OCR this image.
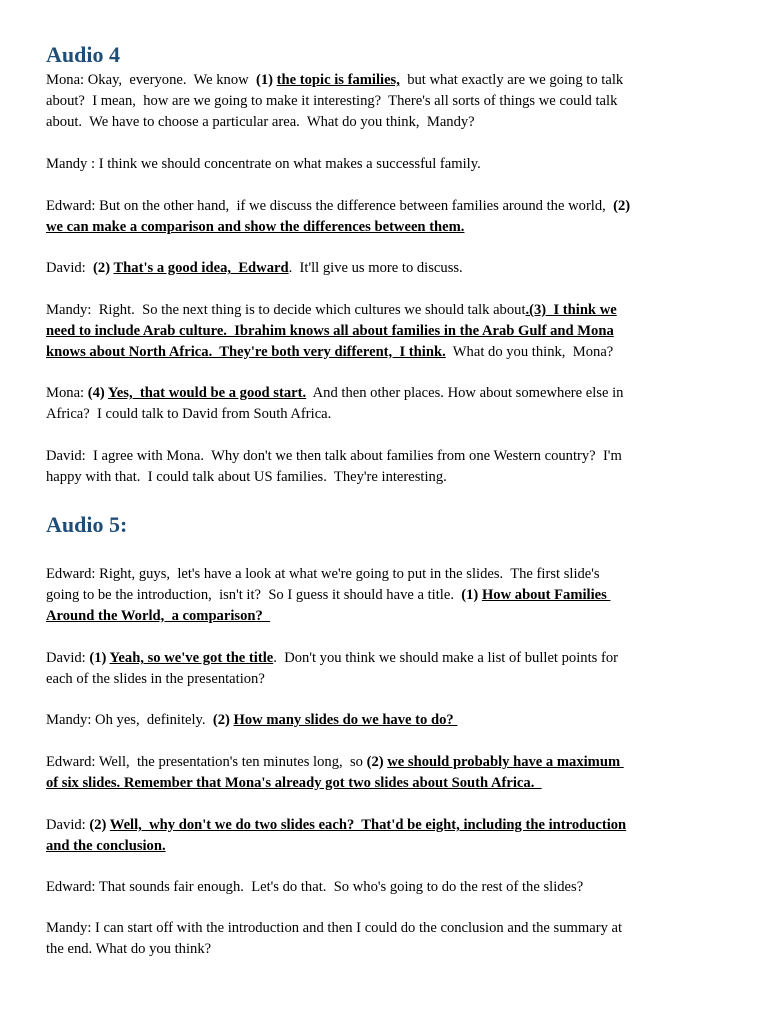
Audio 4
Mona: Okay,  everyone.  We know  (1) the topic is families,  but what exactly are we going to talk
about?  I mean,  how are we going to make it interesting?  There's all sorts of things we could talk
about.  We have to choose a particular area.  What do you think,  Mandy?
Mandy : I think we should concentrate on what makes a successful family.
Edward: But on the other hand,  if we discuss the difference between families around the world,  (2)
we can make a comparison and show the differences between them.
David:  (2) That's a good idea,  Edward.  It'll give us more to discuss.
Mandy:  Right.  So the next thing is to decide which cultures we should talk about.(3)  I think we
need to include Arab culture.  Ibrahim knows all about families in the Arab Gulf and Mona
knows about North Africa.  They're both very different,  I think.  What do you think,  Mona?
Mona: (4) Yes,  that would be a good start.  And then other places. How about somewhere else in
Africa?  I could talk to David from South Africa.
David:  I agree with Mona.  Why don't we then talk about families from one Western country?  I'm
happy with that.  I could talk about US families.  They're interesting.
Audio 5:
Edward: Right, guys,  let's have a look at what we're going to put in the slides.  The first slide's
going to be the introduction,  isn't it?  So I guess it should have a title.  (1) How about Families
Around the World,  a comparison?
David: (1) Yeah, so we've got the title.  Don't you think we should make a list of bullet points for
each of the slides in the presentation?
Mandy: Oh yes,  definitely.  (2) How many slides do we have to do?
Edward: Well,  the presentation's ten minutes long,  so (2) we should probably have a maximum
of six slides. Remember that Mona's already got two slides about South Africa.
David: (2) Well,  why don't we do two slides each?  That'd be eight, including the introduction
and the conclusion.
Edward: That sounds fair enough.  Let's do that.  So who's going to do the rest of the slides?
Mandy: I can start off with the introduction and then I could do the conclusion and the summary at
the end. What do you think?
